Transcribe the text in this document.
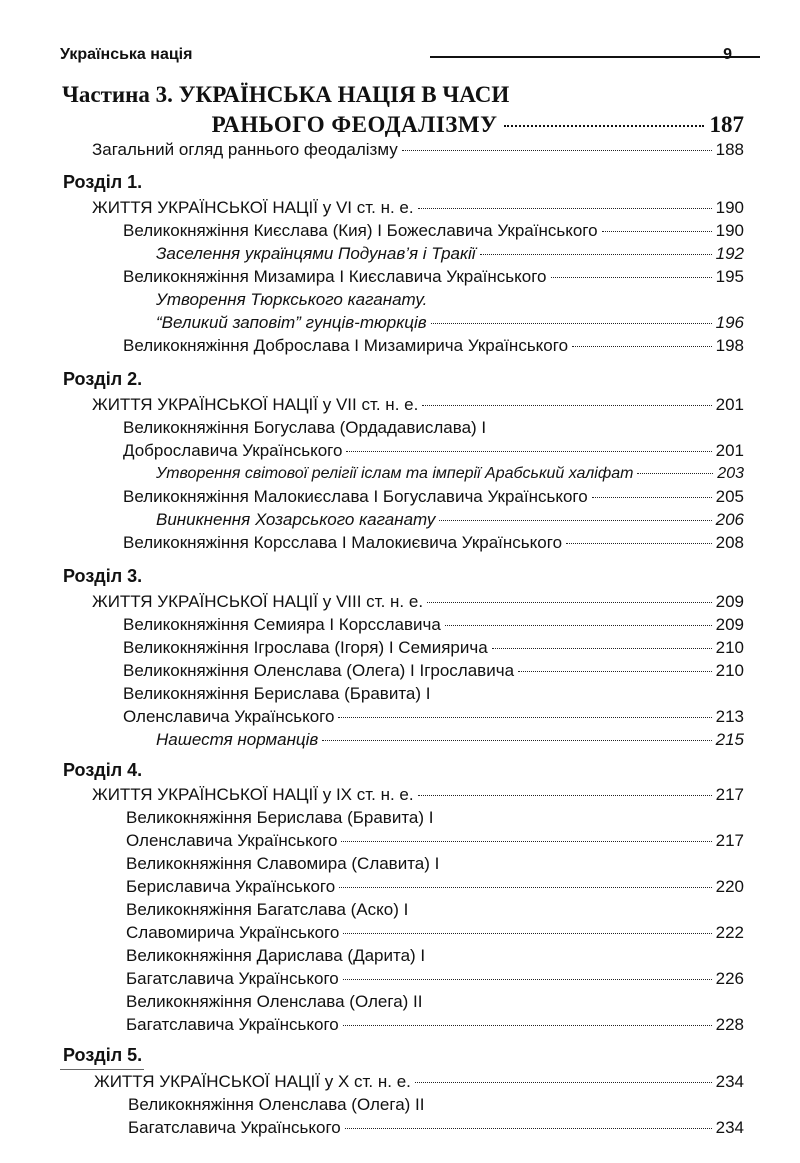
Українська нація	9
Частина 3. УКРАЇНСЬКА НАЦІЯ В ЧАСИ
РАНЬОГО ФЕОДАЛІЗМУ	187
Загальний огляд раннього феодалізму	188
Розділ 1.
ЖИТТЯ УКРАЇНСЬКОЇ НАЦІЇ у VI ст. н. е.	190
Великокняжіння Києслава (Кия) І Божеславича Українського	190
Заселення українцями Подунав’я і Тракії	192
Великокняжіння Мизамира І Києславича Українського	195
Утворення Тюркського каганату.
“Великий заповіт” гунців-тюркців	196
Великокняжіння Доброслава І Мизамирича Українського	198
Розділ 2.
ЖИТТЯ УКРАЇНСЬКОЇ НАЦІЇ у VII ст. н. е.	201
Великокняжіння Богуслава (Ордадавислава) І
Доброславича Українського	201
Утворення світової релігії іслам та імперії Арабський халіфат	203
Великокняжіння Малокиєслава І Богуславича Українського	205
Виникнення Хозарського каганату	206
Великокняжіння Корсслава І Малокиєвича Українського	208
Розділ 3.
ЖИТТЯ УКРАЇНСЬКОЇ НАЦІЇ у VIII ст. н. е.	209
Великокняжіння Семияра І Корсславича	209
Великокняжіння Ігрослава (Ігоря) І Семияричa	210
Великокняжіння Оленслава (Олега) І Ігрославича	210
Великокняжіння Берислава (Бравита) І
Оленславича Українського	213
Нашестя норманців	215
Розділ 4.
ЖИТТЯ УКРАЇНСЬКОЇ НАЦІЇ у IX ст. н. е.	217
Великокняжіння Берислава (Бравита) І
Оленславича Українського	217
Великокняжіння Славомира (Славита) І
Бериславича Українського	220
Великокняжіння Багатслава (Аско) І
Славомирича Українського	222
Великокняжіння Дарислава (Дарита) І
Багатславича Українського	226
Великокняжіння Оленслава (Олега) ІІ
Багатславича Українського	228
Розділ 5.
ЖИТТЯ УКРАЇНСЬКОЇ НАЦІЇ у X ст. н. е.	234
Великокняжіння Оленслава (Олега) ІІ
Багатславича Українського	234
